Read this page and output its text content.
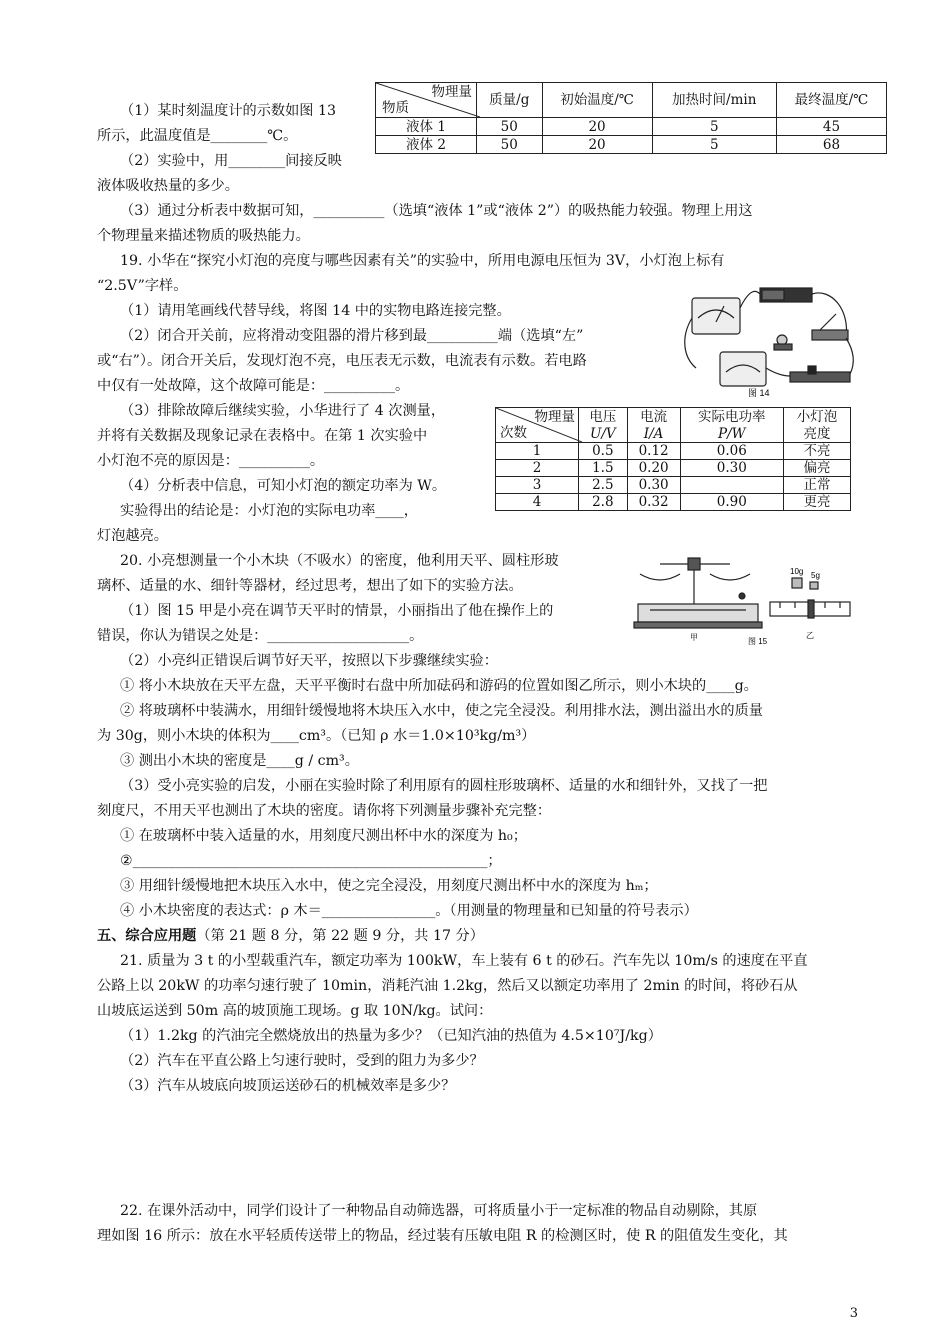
（1）某时刻温度计的示数如图 13
所示，此温度值是________℃。
（2）实验中，用________间接反映
液体吸收热量的多少。
（3）通过分析表中数据可知，__________（选填“液体 1”或“液体 2”）的吸热能力较强。物理上用这
个物理量来描述物质的吸热能力。
物理量
物质	质量/g	初始温度/℃	加热时间/min	最终温度/℃
液体 1	50	20	5	45
液体 2	50	20	5	68
19. 小华在“探究小灯泡的亮度与哪些因素有关”的实验中，所用电源电压恒为 3V，小灯泡上标有
“2.5V”字样。
（1）请用笔画线代替导线，将图 14 中的实物电路连接完整。
（2）闭合开关前，应将滑动变阻器的滑片移到最__________端（选填“左”
或“右”）。闭合开关后，发现灯泡不亮，电压表无示数，电流表有示数。若电路
中仅有一处故障，这个故障可能是：__________。
（3）排除故障后继续实验，小华进行了 4 次测量，
并将有关数据及现象记录在表格中。在第 1 次实验中
小灯泡不亮的原因是：__________。
（4）分析表中信息，可知小灯泡的额定功率为 W。
实验得出的结论是：小灯泡的实际电功率____，
灯泡越亮。
图 14
物理量
次数	电压	电流	实际电功率	小灯泡
	U/V	I/A	P/W	亮度
1	0.5	0.12	0.06	不亮
2	1.5	0.20	0.30	偏亮
3	2.5	0.30		正常
4	2.8	0.32	0.90	更亮
20. 小亮想测量一个小木块（不吸水）的密度，他利用天平、圆柱形玻
璃杯、适量的水、细针等器材，经过思考，想出了如下的实验方法。
（1）图 15 甲是小亮在调节天平时的情景，小丽指出了他在操作上的
错误，你认为错误之处是：____________________。
（2）小亮纠正错误后调节好天平，按照以下步骤继续实验：
① 将小木块放在天平左盘，天平平衡时右盘中所加砝码和游码的位置如图乙所示，则小木块的____g。
② 将玻璃杯中装满水，用细针缓慢地将木块压入水中，使之完全浸没。利用排水法，测出溢出水的质量
为 30g，则小木块的体积为____cm³。（已知 ρ 水＝1.0×10³kg/m³）
③ 测出小木块的密度是____g / cm³。
（3）受小亮实验的启发，小丽在实验时除了利用原有的圆柱形玻璃杯、适量的水和细针外，又找了一把
刻度尺，不用天平也测出了木块的密度。请你将下列测量步骤补充完整：
① 在玻璃杯中装入适量的水，用刻度尺测出杯中水的深度为 h₀；
②__________________________________________________；
③ 用细针缓慢地把木块压入水中，使之完全浸没，用刻度尺测出杯中水的深度为 hₘ；
④ 小木块密度的表达式：ρ 木＝________________。（用测量的物理量和已知量的符号表示）
10g 5g
甲	乙
图 15
五、综合应用题（第 21 题 8 分，第 22 题 9 分，共 17 分）
21. 质量为 3 t 的小型载重汽车，额定功率为 100kW，车上装有 6 t 的砂石。汽车先以 10m/s 的速度在平直
公路上以 20kW 的功率匀速行驶了 10min，消耗汽油 1.2kg，然后又以额定功率用了 2min 的时间，将砂石从
山坡底运送到 50m 高的坡顶施工现场。g 取 10N/kg。试问：
（1）1.2kg 的汽油完全燃烧放出的热量为多少？（已知汽油的热值为 4.5×10⁷J/kg）
（2）汽车在平直公路上匀速行驶时，受到的阻力为多少？
（3）汽车从坡底向坡顶运送砂石的机械效率是多少？
22. 在课外活动中，同学们设计了一种物品自动筛选器，可将质量小于一定标准的物品自动剔除，其原
理如图 16 所示：放在水平轻质传送带上的物品，经过装有压敏电阻 R 的检测区时，使 R 的阻值发生变化，其
3
